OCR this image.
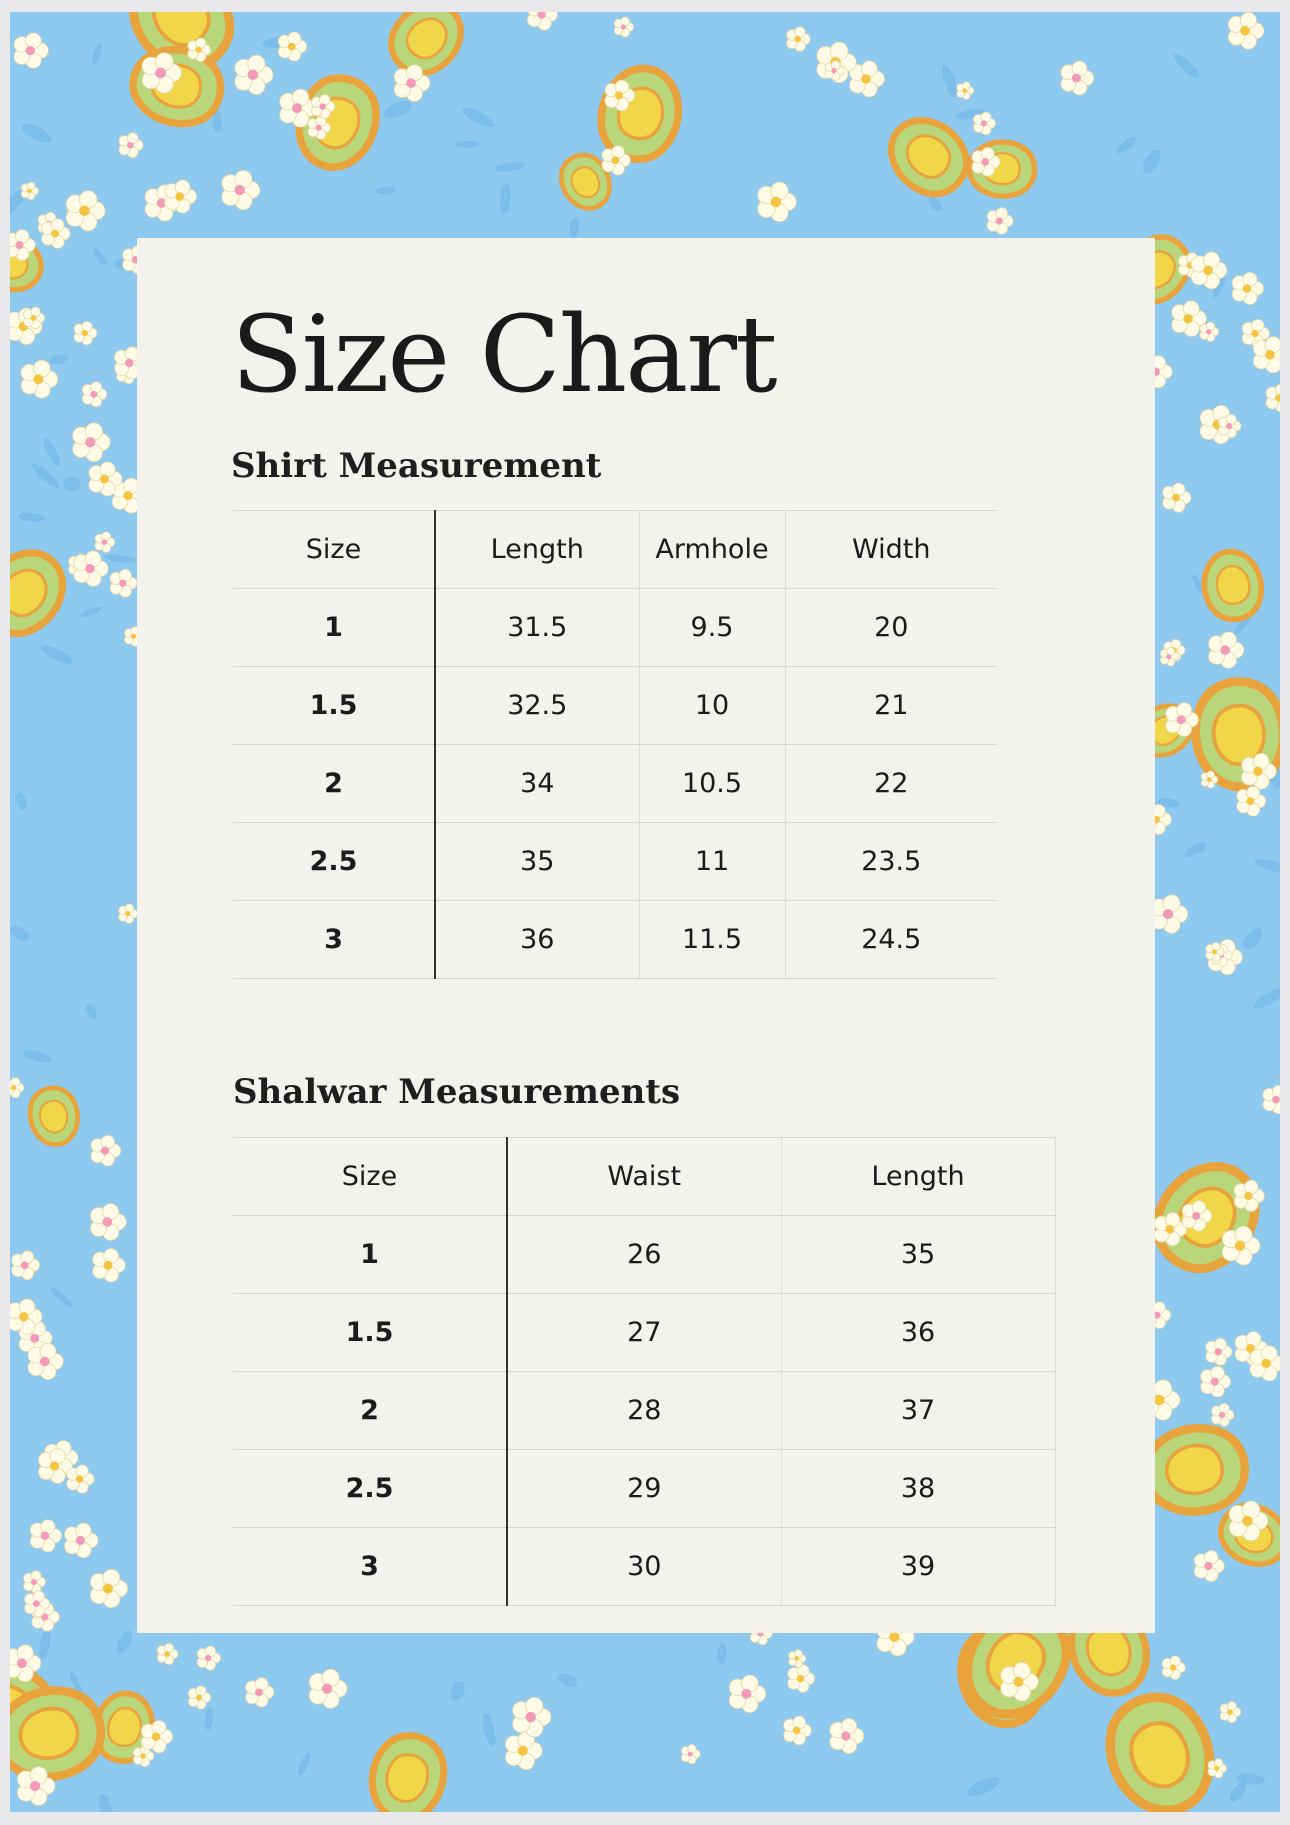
Size Chart
Shirt Measurement
Size	Length	Armhole	Width
1	31.5	9.5	20
1.5	32.5	10	21
2	34	10.5	22
2.5	35	11	23.5
3	36	11.5	24.5
Shalwar Measurements
Size	Waist	Length
1	26	35
1.5	27	36
2	28	37
2.5	29	38
3	30	39
